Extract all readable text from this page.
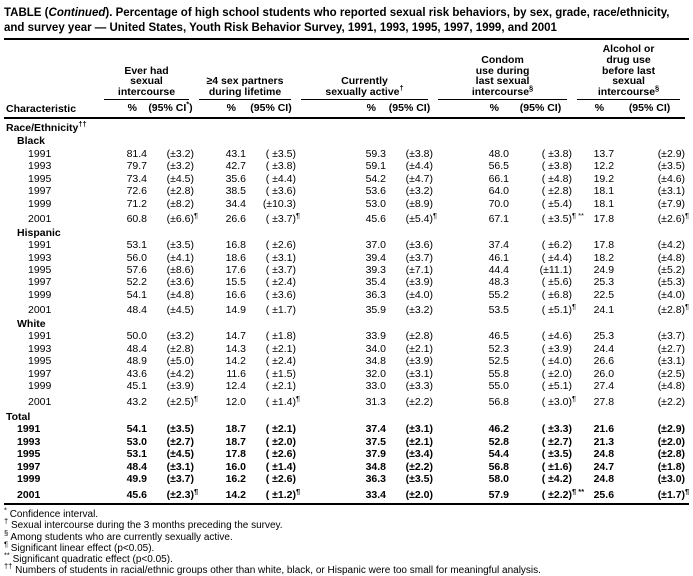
TABLE (Continued). Percentage of high school students who reported sexual risk behaviors, by sex, grade, race/ethnicity, and survey year — United States, Youth Risk Behavior Survey, 1991, 1993, 1995, 1997, 1999, and 2001
Characteristic	Ever had
sexual
intercourse		≥4 sex partners
during lifetime		Currently
sexually active†		Condom
use during
last sexual
intercourse§		Alcohol or
drug use
before last
sexual
intercourse§

	%	(95% CI*)	%	(95% CI)	%	(95% CI)	%	(95% CI)	%	(95% CI)
Race/Ethnicity††
Black										
1991	81.4	(±3.2)	43.1	( ±3.5)	59.3	(±3.8)	48.0	( ±3.8)	13.7	(±2.9)
1993	79.7	(±3.2)	42.7	( ±3.8)	59.1	(±4.4)	56.5	( ±3.8)	12.2	(±3.5)
1995	73.4	(±4.5)	35.6	( ±4.4)	54.2	(±4.7)	66.1	( ±4.8)	19.2	(±4.6)
1997	72.6	(±2.8)	38.5	( ±3.6)	53.6	(±3.2)	64.0	( ±2.8)	18.1	(±3.1)
1999	71.2	(±8.2)	34.4	(±10.3)	53.0	(±8.9)	70.0	( ±5.4)	18.1	(±7.9)
2001	60.8	(±6.6)¶	26.6	( ±3.7)¶	45.6	(±5.4)¶	67.1	( ±3.5)¶ **	17.8	(±2.6)¶
Hispanic										
1991	53.1	(±3.5)	16.8	( ±2.6)	37.0	(±3.6)	37.4	( ±6.2)	17.8	(±4.2)
1993	56.0	(±4.1)	18.6	( ±3.1)	39.4	(±3.7)	46.1	( ±4.4)	18.2	(±4.8)
1995	57.6	(±8.6)	17.6	( ±3.7)	39.3	(±7.1)	44.4	(±11.1)	24.9	(±5.2)
1997	52.2	(±3.6)	15.5	( ±2.4)	35.4	(±3.9)	48.3	( ±5.6)	25.3	(±5.3)
1999	54.1	(±4.8)	16.6	( ±3.6)	36.3	(±4.0)	55.2	( ±6.8)	22.5	(±4.0)
2001	48.4	(±4.5)	14.9	( ±1.7)	35.9	(±3.2)	53.5	( ±5.1)¶	24.1	(±2.8)¶
White										
1991	50.0	(±3.2)	14.7	( ±1.8)	33.9	(±2.8)	46.5	( ±4.6)	25.3	(±3.7)
1993	48.4	(±2.8)	14.3	( ±2.1)	34.0	(±2.1)	52.3	( ±3.9)	24.4	(±2.7)
1995	48.9	(±5.0)	14.2	( ±2.4)	34.8	(±3.9)	52.5	( ±4.0)	26.6	(±3.1)
1997	43.6	(±4.2)	11.6	( ±1.5)	32.0	(±3.1)	55.8	( ±2.0)	26.0	(±2.5)
1999	45.1	(±3.9)	12.4	( ±2.1)	33.0	(±3.3)	55.0	( ±5.1)	27.4	(±4.8)
2001	43.2	(±2.5)¶	12.0	( ±1.4)¶	31.3	(±2.2)	56.8	( ±3.0)¶	27.8	(±2.2)
Total										
1991	54.1	(±3.5)	18.7	( ±2.1)	37.4	(±3.1)	46.2	( ±3.3)	21.6	(±2.9)
1993	53.0	(±2.7)	18.7	( ±2.0)	37.5	(±2.1)	52.8	( ±2.7)	21.3	(±2.0)
1995	53.1	(±4.5)	17.8	( ±2.6)	37.9	(±3.4)	54.4	( ±3.5)	24.8	(±2.8)
1997	48.4	(±3.1)	16.0	( ±1.4)	34.8	(±2.2)	56.8	( ±1.6)	24.7	(±1.8)
1999	49.9	(±3.7)	16.2	( ±2.6)	36.3	(±3.5)	58.0	( ±4.2)	24.8	(±3.0)
2001	45.6	(±2.3)¶	14.2	( ±1.2)¶	33.4	(±2.0)	57.9	( ±2.2)¶ **	25.6	(±1.7)¶
* Confidence interval.
† Sexual intercourse during the 3 months preceding the survey.
§ Among students who are currently sexually active.
¶ Significant linear effect (p<0.05).
** Significant quadratic effect (p<0.05).
†† Numbers of students in racial/ethnic groups other than white, black, or Hispanic were too small for meaningful analysis.
